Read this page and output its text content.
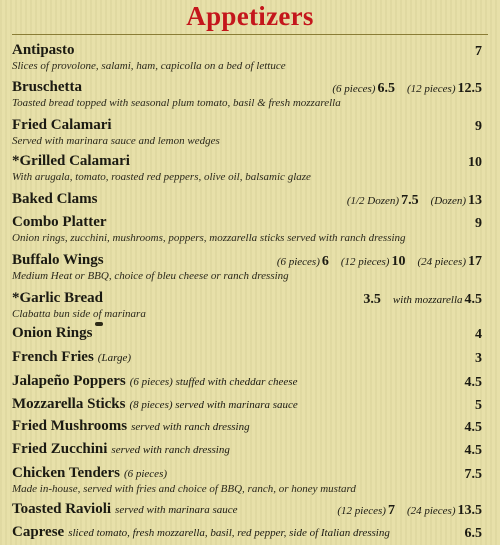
Appetizers
Antipasto	7
Slices of provolone, salami, ham, capicolla on a bed of lettuce
Bruschetta	(6 pieces) 6.5 (12 pieces) 12.5
Toasted bread topped with seasonal plum tomato, basil & fresh mozzarella
Fried Calamari	9
Served with marinara sauce and lemon wedges
*Grilled Calamari	10
With arugala, tomato, roasted red peppers, olive oil, balsamic glaze
Baked Clams	(1/2 Dozen) 7.5 (Dozen) 13
Combo Platter	9
Onion rings, zucchini, mushrooms, poppers, mozzarella sticks served with ranch dressing
Buffalo Wings	(6 pieces) 6 (12 pieces) 10 (24 pieces) 17
Medium Heat or BBQ, choice of bleu cheese or ranch dressing
*Garlic Bread	3.5 with mozzarella 4.5
Clabatta bun side of marinara
Onion Rings	4
French Fries (Large)	3
Jalapeño Poppers (6 pieces) stuffed with cheddar cheese	4.5
Mozzarella Sticks (8 pieces) served with marinara sauce	5
Fried Mushrooms served with ranch dressing	4.5
Fried Zucchini served with ranch dressing	4.5
Chicken Tenders (6 pieces)	7.5
Made in-house, served with fries and choice of BBQ, ranch, or honey mustard
Toasted Ravioli served with marinara sauce	(12 pieces) 7 (24 pieces) 13.5
Caprese sliced tomato, fresh mozzarella, basil, red pepper, side of Italian dressing	6.5
